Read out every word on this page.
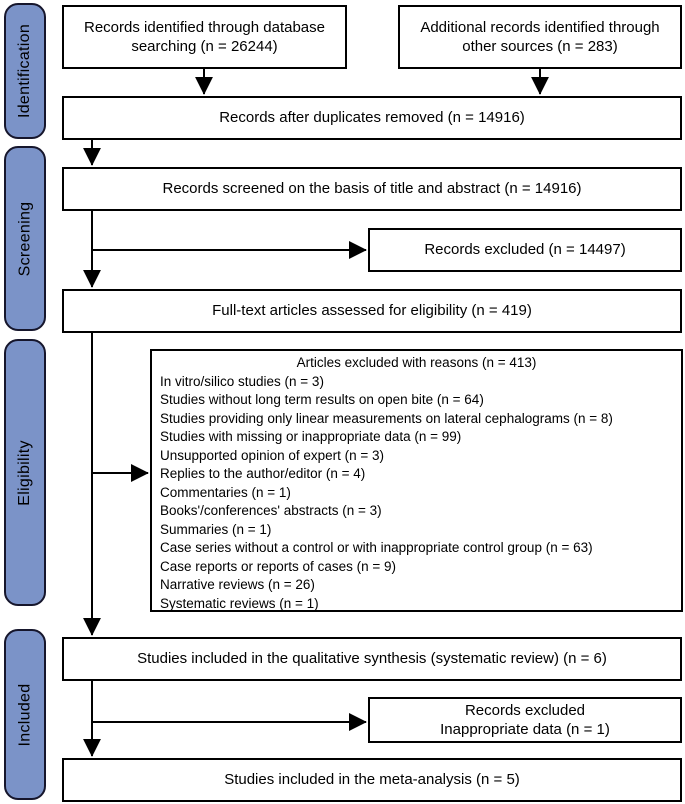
Identification
Screening
Eligibility
Included
Records identified through database searching (n = 26244)
Additional records identified through other sources (n = 283)
Records after duplicates removed (n = 14916)
Records screened on the basis of title and abstract (n = 14916)
Records excluded (n = 14497)
Full-text articles assessed for eligibility (n = 419)
Articles excluded with reasons (n = 413)
In vitro/silico studies (n = 3)
Studies without long term results on open bite (n = 64)
Studies providing only linear measurements on lateral cephalograms (n = 8)
Studies with missing or inappropriate data (n = 99)
Unsupported opinion of expert (n = 3)
Replies to the author/editor (n = 4)
Commentaries (n = 1)
Books'/conferences' abstracts (n = 3)
Summaries (n = 1)
Case series without a control or with inappropriate control group (n = 63)
Case reports or reports of cases (n = 9)
Narrative reviews (n = 26)
Systematic reviews (n = 1)
Studies included in the qualitative synthesis (systematic review) (n = 6)
Records excluded
Inappropriate data (n = 1)
Studies included in the meta-analysis (n = 5)
